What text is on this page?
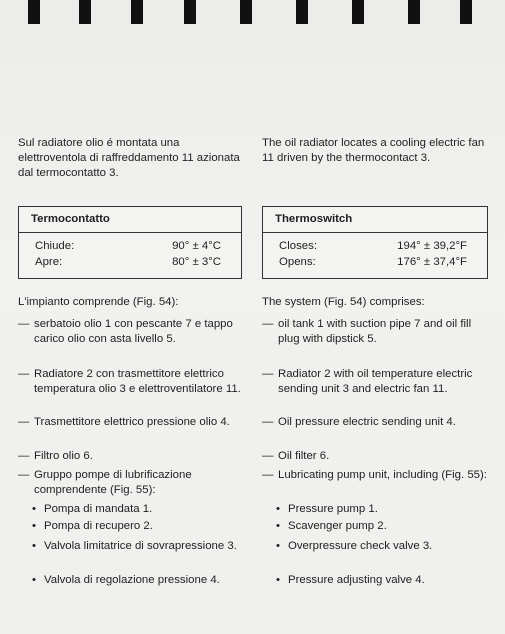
Sul radiatore olio é montata una elettroventola di raffreddamento 11 azionata dal termocontatto 3.
The oil radiator locates a cooling electric fan 11 driven by the thermocontact 3.
Termocontatto
Chiude:	90° ± 4°C
Apre:	80° ± 3°C
Thermoswitch
Closes:	194° ± 39,2°F
Opens:	176° ± 37,4°F
L'impianto comprende (Fig. 54):
— serbatoio olio 1 con pescante 7 e tappo carico olio con asta livello 5.
— Radiatore 2 con trasmettitore elettrico temperatura olio 3 e elettroventilatore 11.
— Trasmettitore elettrico pressione olio 4.
— Filtro olio 6.
— Gruppo pompe di lubrificazione comprendente (Fig. 55):
• Pompa di mandata 1.
• Pompa di recupero 2.
• Valvola limitatrice di sovrapressione 3.
• Valvola di regolazione pressione 4.
The system (Fig. 54) comprises:
— oil tank 1 with suction pipe 7 and oil fill plug with dipstick 5.
— Radiator 2 with oil temperature electric sending unit 3 and electric fan 11.
— Oil pressure electric sending unit 4.
— Oil filter 6.
— Lubricating pump unit, including (Fig. 55):
• Pressure pump 1.
• Scavenger pump 2.
• Overpressure check valve 3.
• Pressure adjusting valve 4.
